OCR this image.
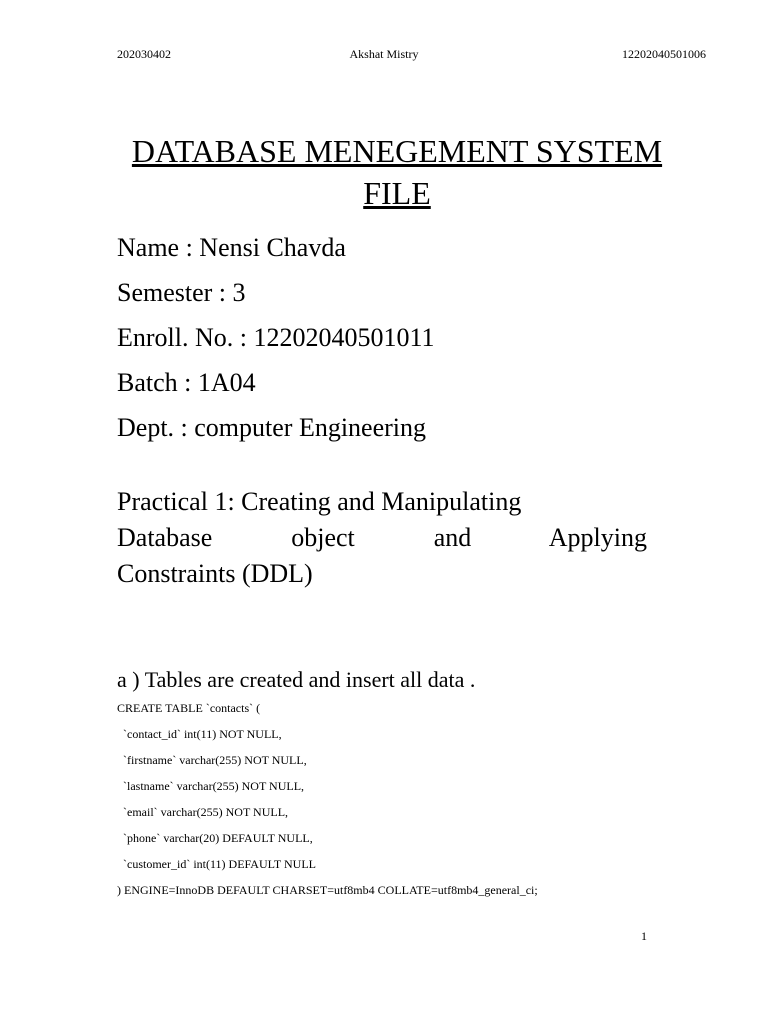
202030402	Akshat Mistry	12202040501006
DATABASE MENEGEMENT SYSTEM
FILE
Name : Nensi Chavda
Semester : 3
Enroll. No. : 12202040501011
Batch : 1A04
Dept. : computer Engineering
Practical 1: Creating and Manipulating
Database object and Applying
Constraints (DDL)
a ) Tables are created and insert all data .
CREATE TABLE `contacts` (
`contact_id` int(11) NOT NULL,
`firstname` varchar(255) NOT NULL,
`lastname` varchar(255) NOT NULL,
`email` varchar(255) NOT NULL,
`phone` varchar(20) DEFAULT NULL,
`customer_id` int(11) DEFAULT NULL
) ENGINE=InnoDB DEFAULT CHARSET=utf8mb4 COLLATE=utf8mb4_general_ci;
1
